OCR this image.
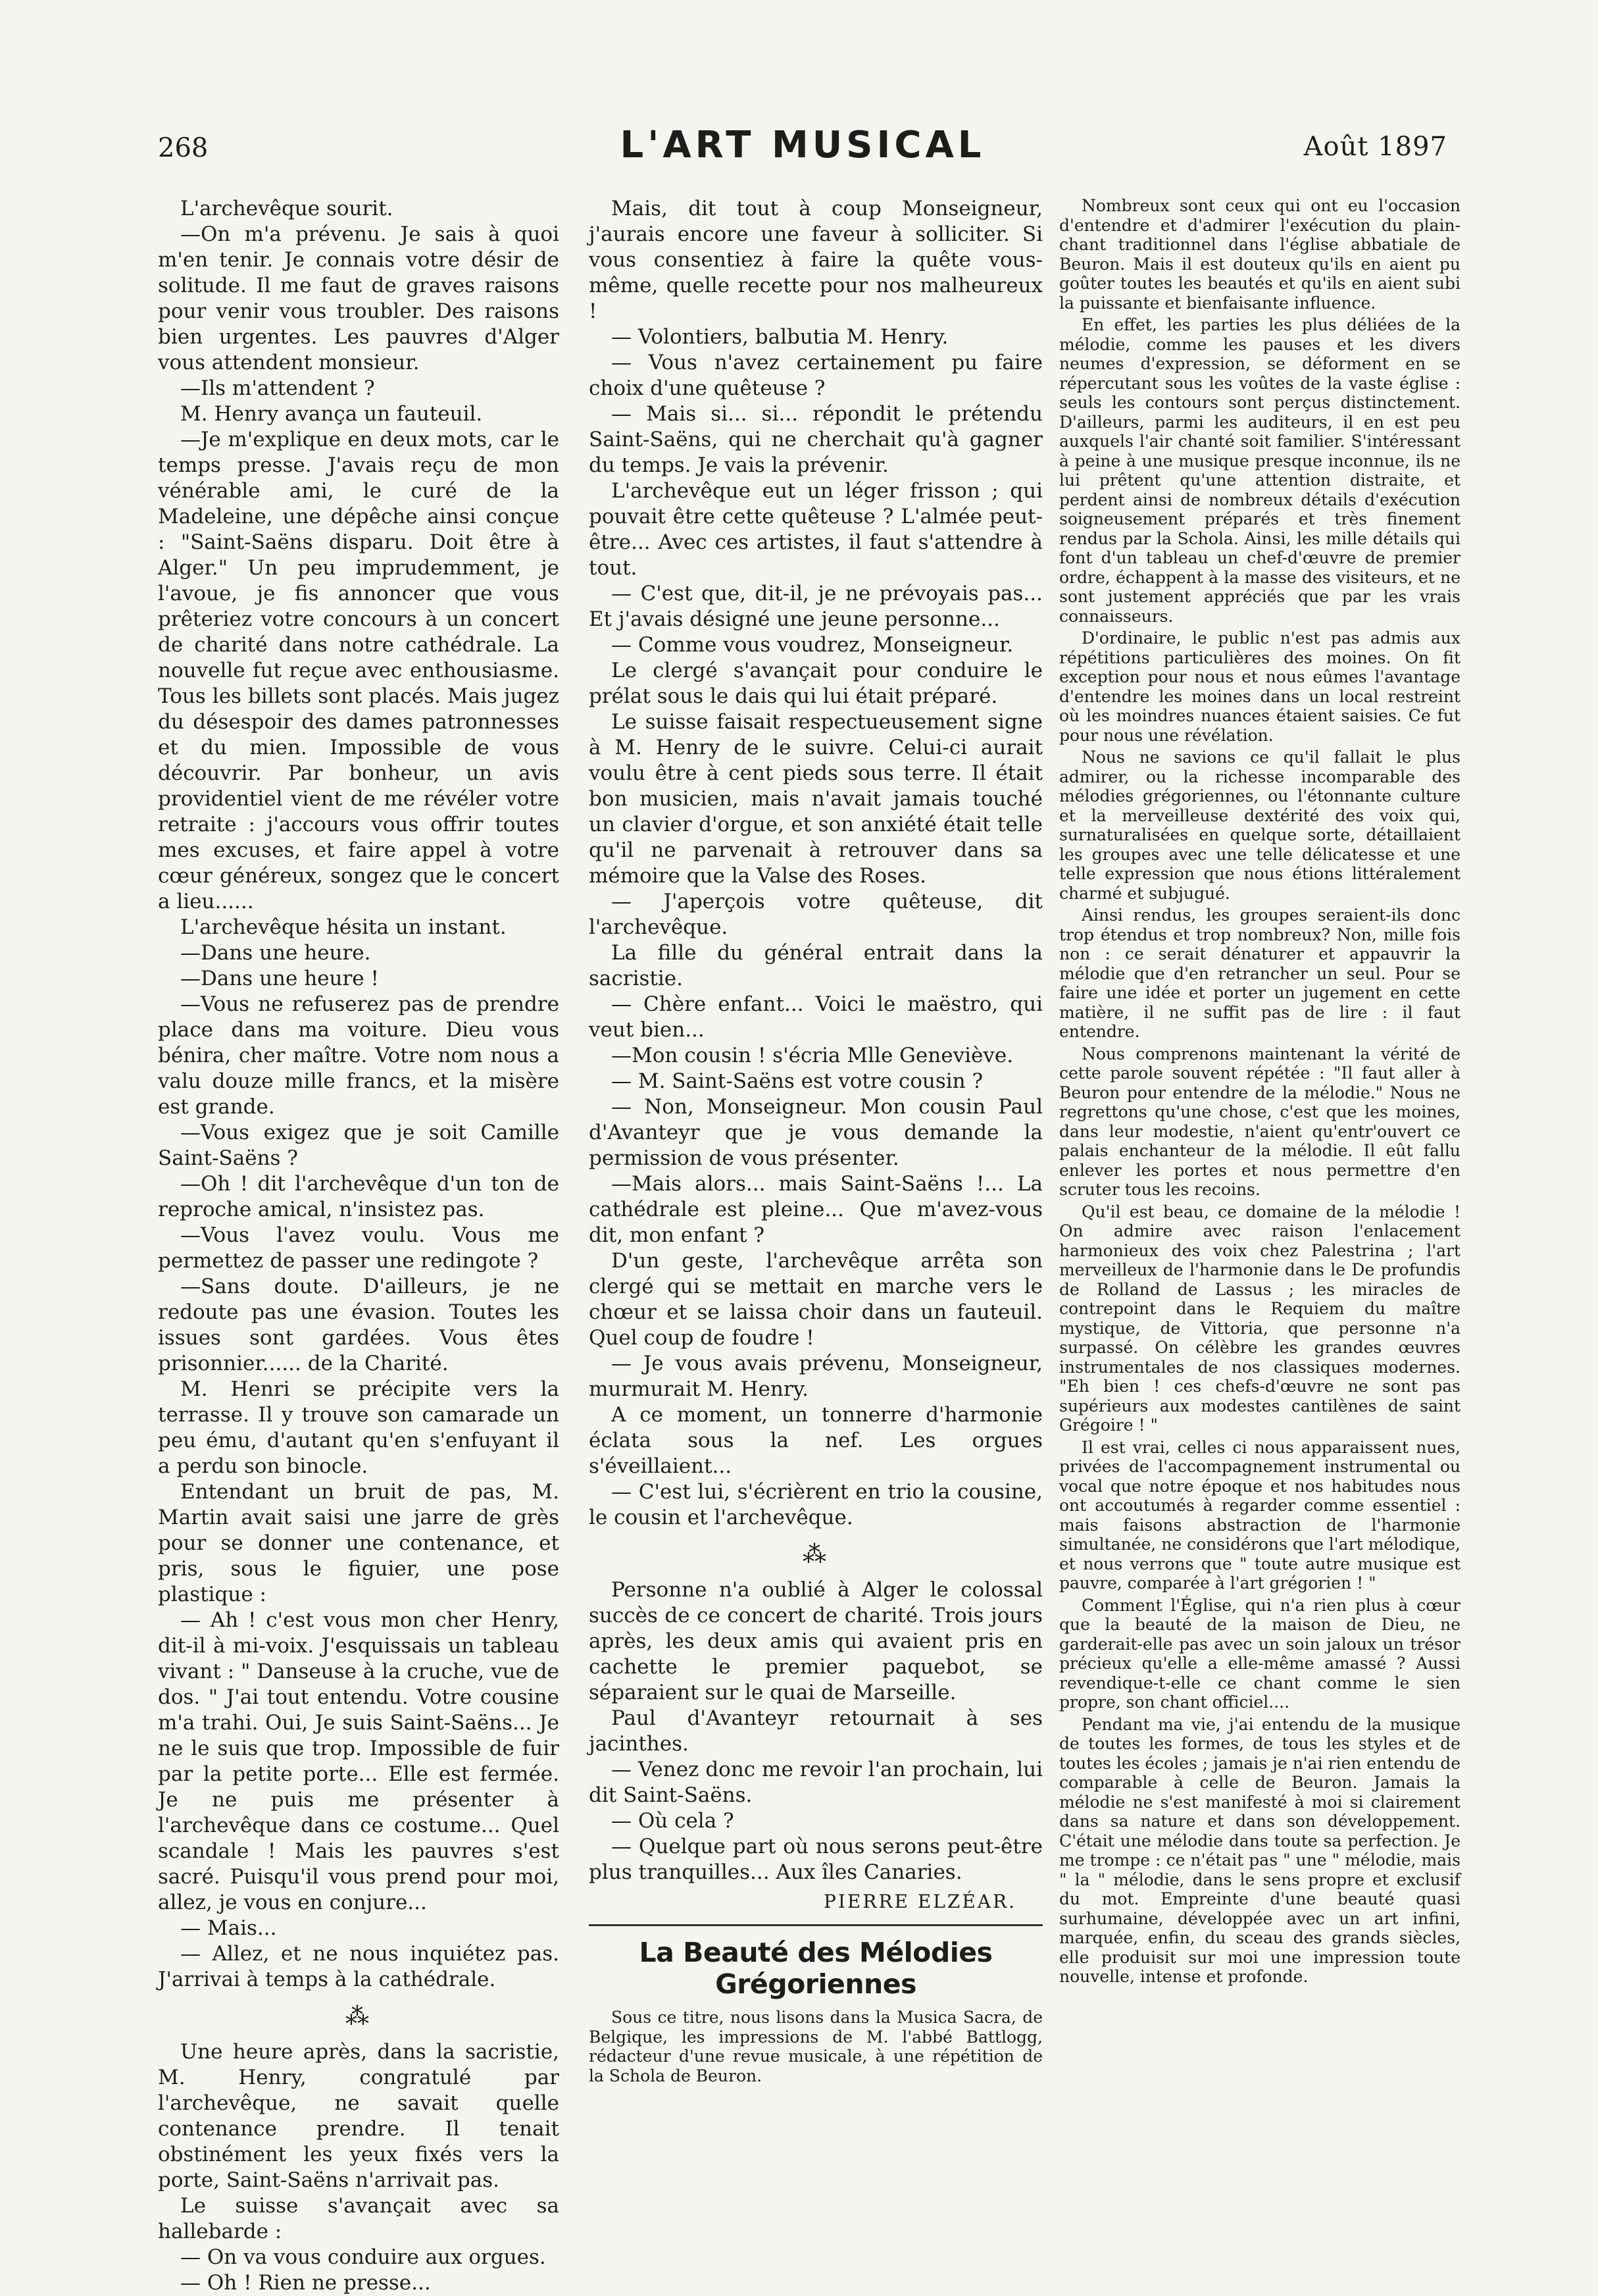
L'ART MUSICAL
268	Août 1897

L'archevêque sourit.

—On m'a prévenu. Je sais à quoi m'en tenir. Je connais votre désir de solitude. Il me faut de graves raisons pour venir vous troubler. Des raisons bien urgentes. Les pauvres d'Alger vous attendent monsieur.

—Ils m'attendent ?

M. Henry avança un fauteuil.

—Je m'explique en deux mots, car le temps presse. J'avais reçu de mon vénérable ami, le curé de la Madeleine, une dépêche ainsi conçue : "Saint-Saëns disparu. Doit être à Alger." Un peu imprudemment, je l'avoue, je fis annoncer que vous prêteriez votre concours à un concert de charité dans notre cathédrale. La nouvelle fut reçue avec enthousiasme. Tous les billets sont placés. Mais jugez du désespoir des dames patronnesses et du mien. Impossible de vous découvrir. Par bonheur, un avis providentiel vient de me révéler votre retraite : j'accours vous offrir toutes mes excuses, et faire appel à votre cœur généreux, songez que le concert a lieu......

L'archevêque hésita un instant.

—Dans une heure.

—Dans une heure !

—Vous ne refuserez pas de prendre place dans ma voiture. Dieu vous bénira, cher maître. Votre nom nous a valu douze mille francs, et la misère est grande.

—Vous exigez que je soit Camille Saint-Saëns ?

—Oh ! dit l'archevêque d'un ton de reproche amical, n'insistez pas.

—Vous l'avez voulu. Vous me permettez de passer une redingote ?

—Sans doute. D'ailleurs, je ne redoute pas une évasion. Toutes les issues sont gardées. Vous êtes prisonnier...... de la Charité.

M. Henri se précipite vers la terrasse. Il y trouve son camarade un peu ému, d'autant qu'en s'enfuyant il a perdu son binocle.

Entendant un bruit de pas, M. Martin avait saisi une jarre de grès pour se donner une contenance, et pris, sous le figuier, une pose plastique :

— Ah ! c'est vous mon cher Henry, dit-il à mi-voix. J'esquissais un tableau vivant : " Danseuse à la cruche, vue de dos. " J'ai tout entendu. Votre cousine m'a trahi. Oui, Je suis Saint-Saëns... Je ne le suis que trop. Impossible de fuir par la petite porte... Elle est fermée. Je ne puis me présenter à l'archevêque dans ce costume... Quel scandale ! Mais les pauvres s'est sacré. Puisqu'il vous prend pour moi, allez, je vous en conjure...

— Mais...

— Allez, et ne nous inquiétez pas. J'arrivai à temps à la cathédrale.

⁂

Une heure après, dans la sacristie, M. Henry, congratulé par l'archevêque, ne savait quelle contenance prendre. Il tenait obstinément les yeux fixés vers la porte, Saint-Saëns n'arrivait pas.

Le suisse s'avançait avec sa hallebarde :

— On va vous conduire aux orgues.

— Oh ! Rien ne presse...

Mais, dit tout à coup Monseigneur, j'aurais encore une faveur à solliciter. Si vous consentiez à faire la quête vous-même, quelle recette pour nos malheureux !

— Volontiers, balbutia M. Henry.

— Vous n'avez certainement pu faire choix d'une quêteuse ?

— Mais si... si... répondit le prétendu Saint-Saëns, qui ne cherchait qu'à gagner du temps. Je vais la prévenir.

L'archevêque eut un léger frisson ; qui pouvait être cette quêteuse ? L'almée peut-être... Avec ces artistes, il faut s'attendre à tout.

— C'est que, dit-il, je ne prévoyais pas... Et j'avais désigné une jeune personne...

— Comme vous voudrez, Monseigneur.

Le clergé s'avançait pour conduire le prélat sous le dais qui lui était préparé.

Le suisse faisait respectueusement signe à M. Henry de le suivre. Celui-ci aurait voulu être à cent pieds sous terre. Il était bon musicien, mais n'avait jamais touché un clavier d'orgue, et son anxiété était telle qu'il ne parvenait à retrouver dans sa mémoire que la Valse des Roses.

— J'aperçois votre quêteuse, dit l'archevêque.

La fille du général entrait dans la sacristie.

— Chère enfant... Voici le maëstro, qui veut bien...

—Mon cousin ! s'écria Mlle Geneviève.

— M. Saint-Saëns est votre cousin ?

— Non, Monseigneur. Mon cousin Paul d'Avanteyr que je vous demande la permission de vous présenter.

—Mais alors... mais Saint-Saëns !... La cathédrale est pleine... Que m'avez-vous dit, mon enfant ?

D'un geste, l'archevêque arrêta son clergé qui se mettait en marche vers le chœur et se laissa choir dans un fauteuil. Quel coup de foudre !

— Je vous avais prévenu, Monseigneur, murmurait M. Henry.

A ce moment, un tonnerre d'harmonie éclata sous la nef. Les orgues s'éveillaient...

— C'est lui, s'écrièrent en trio la cousine, le cousin et l'archevêque.

⁂

Personne n'a oublié à Alger le colossal succès de ce concert de charité. Trois jours après, les deux amis qui avaient pris en cachette le premier paquebot, se séparaient sur le quai de Marseille.

Paul d'Avanteyr retournait à ses jacinthes.

— Venez donc me revoir l'an prochain, lui dit Saint-Saëns.

— Où cela ?

— Quelque part où nous serons peut-être plus tranquilles... Aux îles Canaries.

PIERRE ELZÉAR.
La Beauté des Mélodies Grégoriennes

Sous ce titre, nous lisons dans la Musica Sacra, de Belgique, les impressions de M. l'abbé Battlogg, rédacteur d'une revue musicale, à une répétition de la Schola de Beuron.

Nombreux sont ceux qui ont eu l'occasion d'entendre et d'admirer l'exécution du plain-chant traditionnel dans l'église abbatiale de Beuron. Mais il est douteux qu'ils en aient pu goûter toutes les beautés et qu'ils en aient subi la puissante et bienfaisante influence.

En effet, les parties les plus déliées de la mélodie, comme les pauses et les divers neumes d'expression, se déforment en se répercutant sous les voûtes de la vaste église : seuls les contours sont perçus distinctement. D'ailleurs, parmi les auditeurs, il en est peu auxquels l'air chanté soit familier. S'intéressant à peine à une musique presque inconnue, ils ne lui prêtent qu'une attention distraite, et perdent ainsi de nombreux détails d'exécution soigneusement préparés et très finement rendus par la Schola. Ainsi, les mille détails qui font d'un tableau un chef-d'œuvre de premier ordre, échappent à la masse des visiteurs, et ne sont justement appréciés que par les vrais connaisseurs.

D'ordinaire, le public n'est pas admis aux répétitions particulières des moines. On fit exception pour nous et nous eûmes l'avantage d'entendre les moines dans un local restreint où les moindres nuances étaient saisies. Ce fut pour nous une révélation.

Nous ne savions ce qu'il fallait le plus admirer, ou la richesse incomparable des mélodies grégoriennes, ou l'étonnante culture et la merveilleuse dextérité des voix qui, surnaturalisées en quelque sorte, détaillaient les groupes avec une telle délicatesse et une telle expression que nous étions littéralement charmé et subjugué.

Ainsi rendus, les groupes seraient-ils donc trop étendus et trop nombreux? Non, mille fois non : ce serait dénaturer et appauvrir la mélodie que d'en retrancher un seul. Pour se faire une idée et porter un jugement en cette matière, il ne suffit pas de lire : il faut entendre.

Nous comprenons maintenant la vérité de cette parole souvent répétée : "Il faut aller à Beuron pour entendre de la mélodie." Nous ne regrettons qu'une chose, c'est que les moines, dans leur modestie, n'aient qu'entr'ouvert ce palais enchanteur de la mélodie. Il eût fallu enlever les portes et nous permettre d'en scruter tous les recoins.

Qu'il est beau, ce domaine de la mélodie ! On admire avec raison l'enlacement harmonieux des voix chez Palestrina ; l'art merveilleux de l'harmonie dans le De profundis de Rolland de Lassus ; les miracles de contrepoint dans le Requiem du maître mystique, de Vittoria, que personne n'a surpassé. On célèbre les grandes œuvres instrumentales de nos classiques modernes. "Eh bien ! ces chefs-d'œuvre ne sont pas supérieurs aux modestes cantilènes de saint Grégoire ! "

Il est vrai, celles ci nous apparaissent nues, privées de l'accompagnement instrumental ou vocal que notre époque et nos habitudes nous ont accoutumés à regarder comme essentiel : mais faisons abstraction de l'harmonie simultanée, ne considérons que l'art mélodique, et nous verrons que " toute autre musique est pauvre, comparée à l'art grégorien ! "

Comment l'Église, qui n'a rien plus à cœur que la beauté de la maison de Dieu, ne garderait-elle pas avec un soin jaloux un trésor précieux qu'elle a elle-même amassé ? Aussi revendique-t-elle ce chant comme le sien propre, son chant officiel....

Pendant ma vie, j'ai entendu de la musique de toutes les formes, de tous les styles et de toutes les écoles ; jamais je n'ai rien entendu de comparable à celle de Beuron. Jamais la mélodie ne s'est manifesté à moi si clairement dans sa nature et dans son développement. C'était une mélodie dans toute sa perfection. Je me trompe : ce n'était pas " une " mélodie, mais " la " mélodie, dans le sens propre et exclusif du mot. Empreinte d'une beauté quasi surhumaine, développée avec un art infini, marquée, enfin, du sceau des grands siècles, elle produisit sur moi une impression toute nouvelle, intense et profonde.
